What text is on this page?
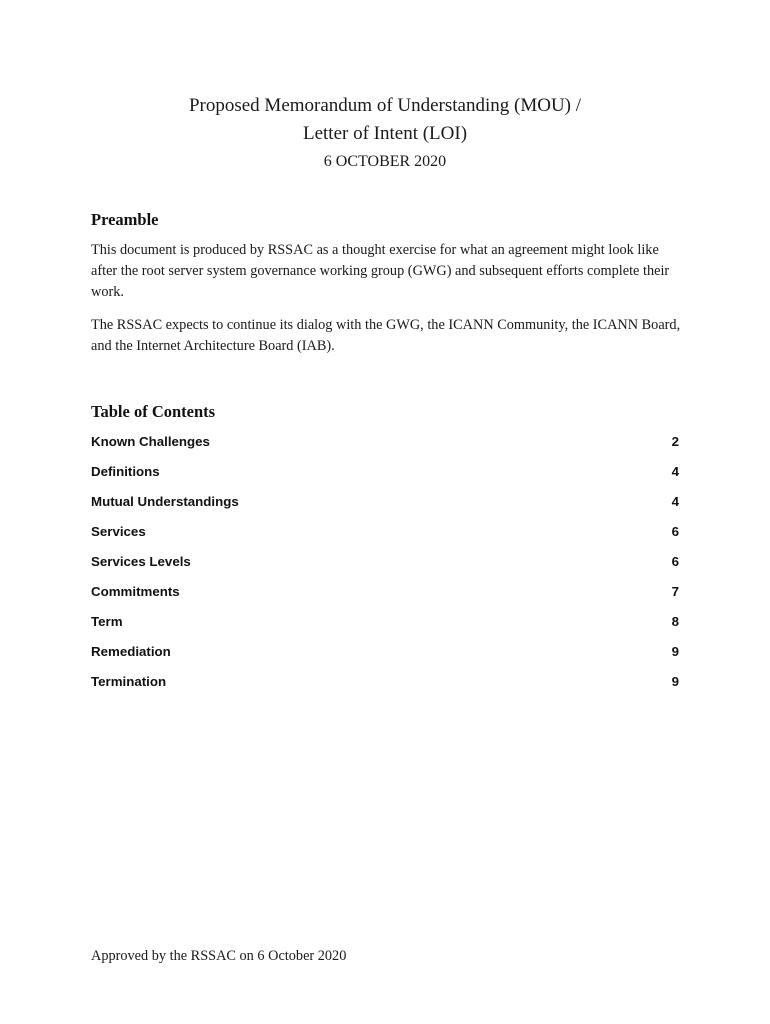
Proposed Memorandum of Understanding (MOU) /
Letter of Intent (LOI)
6 OCTOBER 2020
Preamble
This document is produced by RSSAC as a thought exercise for what an agreement might look like after the root server system governance working group (GWG) and subsequent efforts complete their work.
The RSSAC expects to continue its dialog with the GWG, the ICANN Community, the ICANN Board, and the Internet Architecture Board (IAB).
Table of Contents
Known Challenges	2
Definitions	4
Mutual Understandings	4
Services	6
Services Levels	6
Commitments	7
Term	8
Remediation	9
Termination	9
Approved by the RSSAC on 6 October 2020
